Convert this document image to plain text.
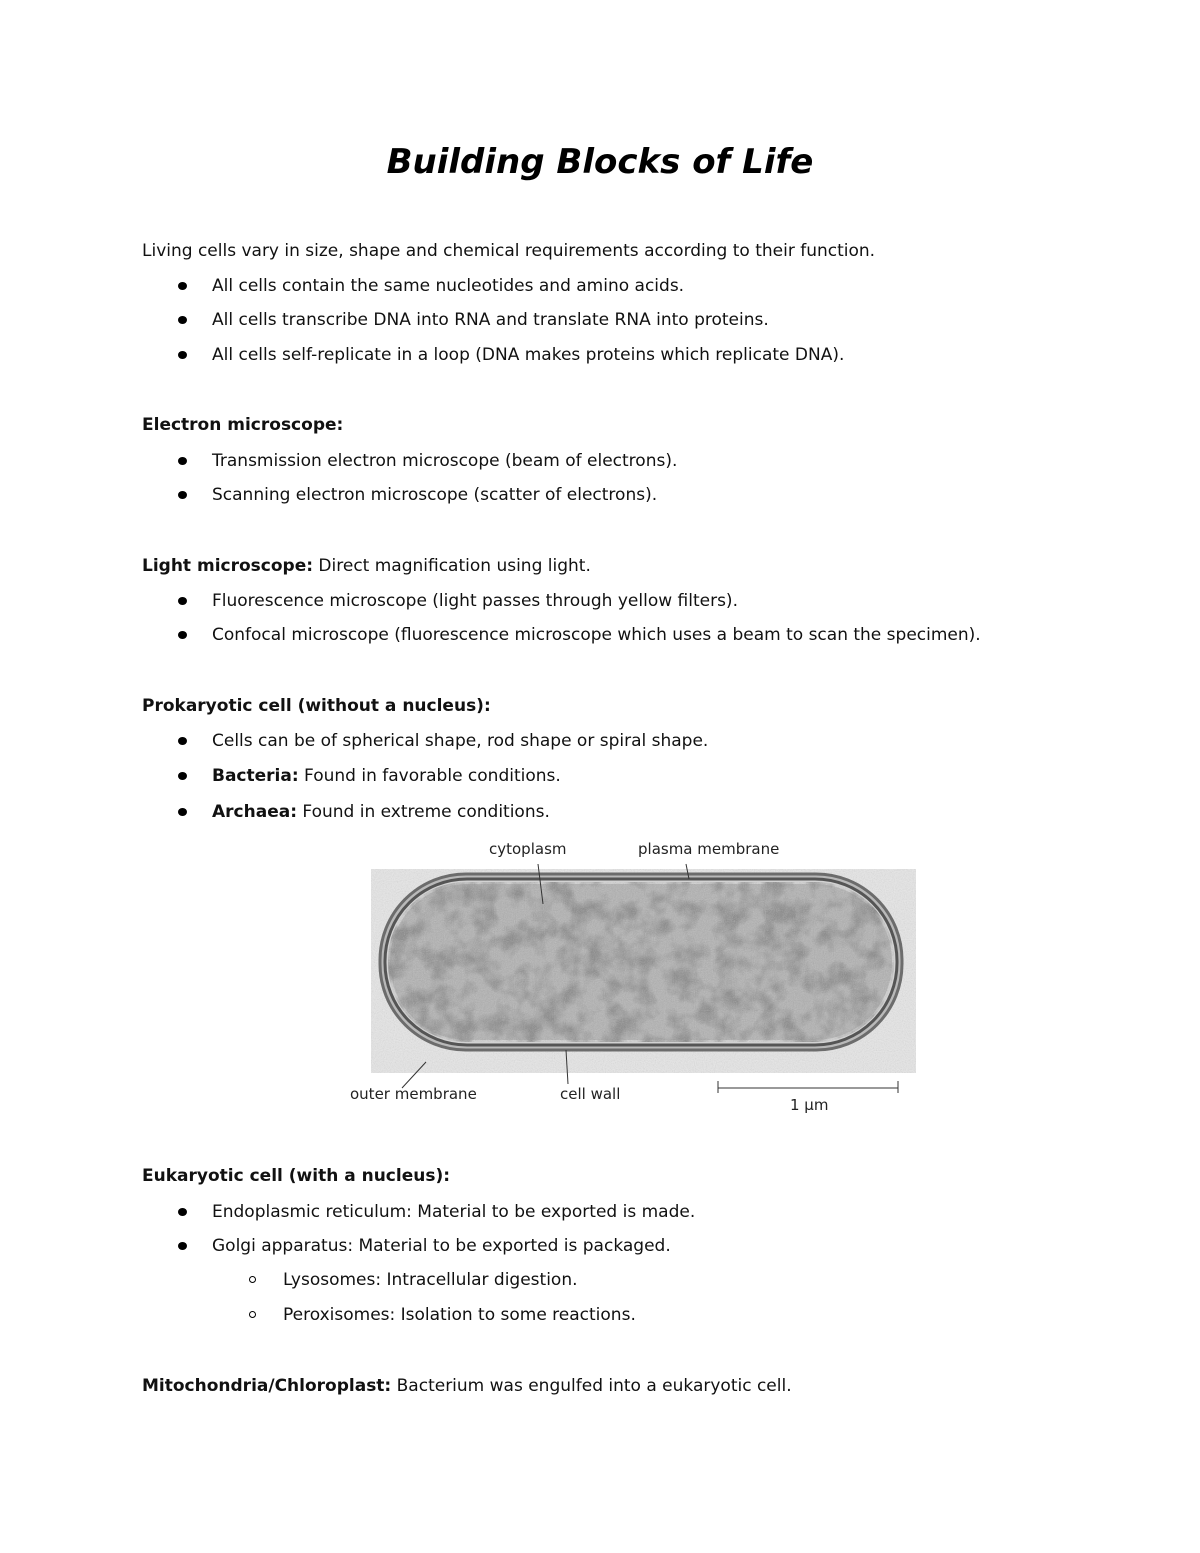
Building Blocks of Life
Living cells vary in size, shape and chemical requirements according to their function.
All cells contain the same nucleotides and amino acids.
All cells transcribe DNA into RNA and translate RNA into proteins.
All cells self-replicate in a loop (DNA makes proteins which replicate DNA).
Electron microscope:
Transmission electron microscope (beam of electrons).
Scanning electron microscope (scatter of electrons).
Light microscope: Direct magnification using light.
Fluorescence microscope (light passes through yellow filters).
Confocal microscope (fluorescence microscope which uses a beam to scan the specimen).
Prokaryotic cell (without a nucleus):
Cells can be of spherical shape, rod shape or spiral shape.
Bacteria: Found in favorable conditions.
Archaea: Found in extreme conditions.
cytoplasm	plasma membrane
outer membrane	cell wall
1 µm
Eukaryotic cell (with a nucleus):
Endoplasmic reticulum: Material to be exported is made.
Golgi apparatus: Material to be exported is packaged.
Lysosomes: Intracellular digestion.
Peroxisomes: Isolation to some reactions.
Mitochondria/Chloroplast: Bacterium was engulfed into a eukaryotic cell.
